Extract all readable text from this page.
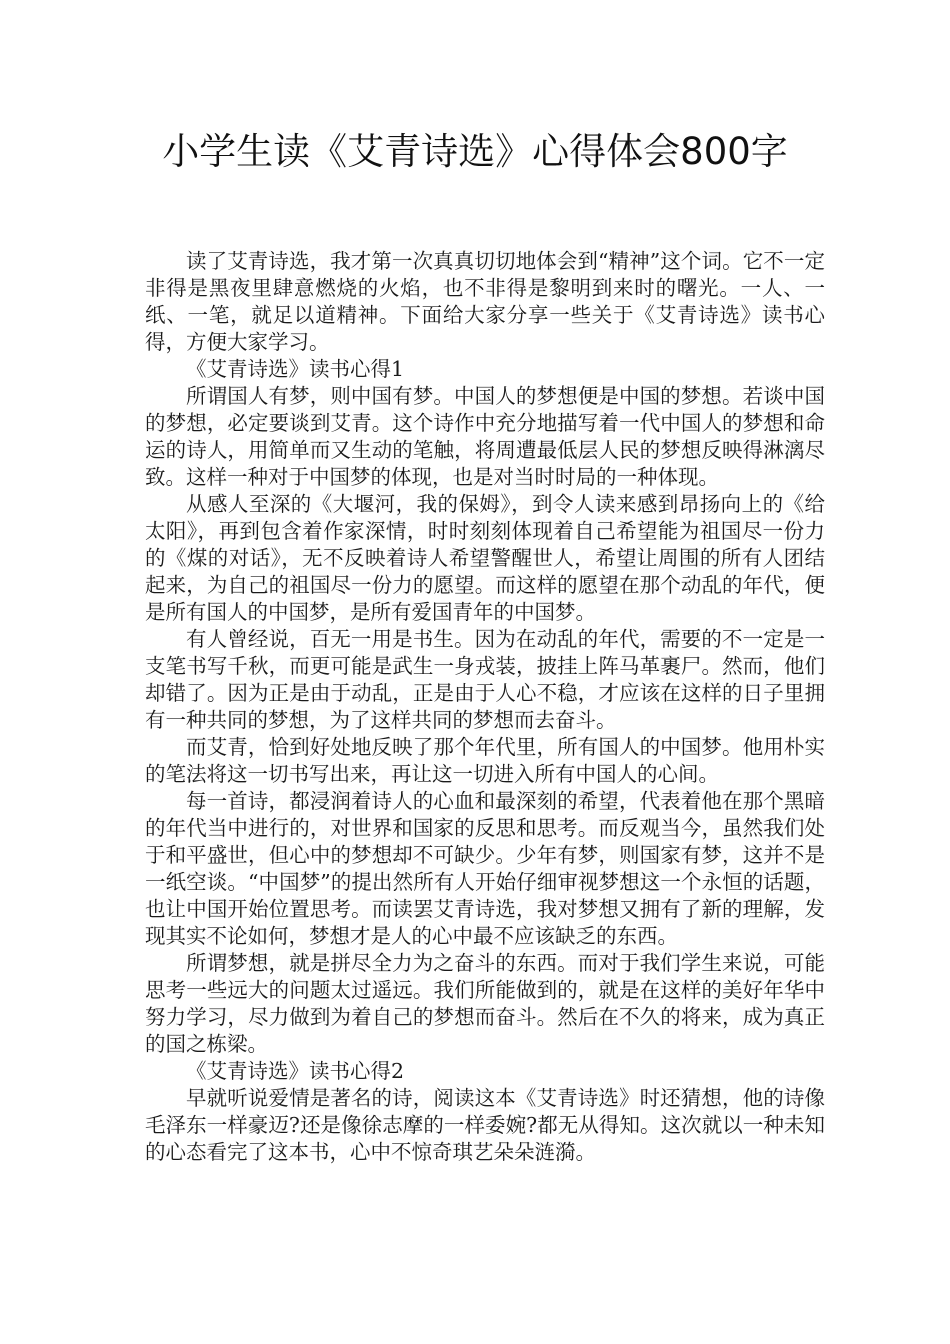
小学生读《艾青诗选》心得体会800字

读了艾青诗选，我才第一次真真切切地体会到“精神”这个词。它不一定非得是黑夜里肆意燃烧的火焰，也不非得是黎明到来时的曙光。一人、一纸、一笔，就足以道精神。下面给大家分享一些关于《艾青诗选》读书心得，方便大家学习。

《艾青诗选》读书心得1

所谓国人有梦，则中国有梦。中国人的梦想便是中国的梦想。若谈中国的梦想，必定要谈到艾青。这个诗作中充分地描写着一代中国人的梦想和命运的诗人，用简单而又生动的笔触，将周遭最低层人民的梦想反映得淋漓尽致。这样一种对于中国梦的体现，也是对当时时局的一种体现。

从感人至深的《大堰河，我的保姆》，到令人读来感到昂扬向上的《给太阳》，再到包含着作家深情，时时刻刻体现着自己希望能为祖国尽一份力的《煤的对话》，无不反映着诗人希望警醒世人，希望让周围的所有人团结起来，为自己的祖国尽一份力的愿望。而这样的愿望在那个动乱的年代，便是所有国人的中国梦，是所有爱国青年的中国梦。

有人曾经说，百无一用是书生。因为在动乱的年代，需要的不一定是一支笔书写千秋，而更可能是武生一身戎装，披挂上阵马革裹尸。然而，他们却错了。因为正是由于动乱，正是由于人心不稳，才应该在这样的日子里拥有一种共同的梦想，为了这样共同的梦想而去奋斗。

而艾青，恰到好处地反映了那个年代里，所有国人的中国梦。他用朴实的笔法将这一切书写出来，再让这一切进入所有中国人的心间。

每一首诗，都浸润着诗人的心血和最深刻的希望，代表着他在那个黑暗的年代当中进行的，对世界和国家的反思和思考。而反观当今，虽然我们处于和平盛世，但心中的梦想却不可缺少。少年有梦，则国家有梦，这并不是一纸空谈。“中国梦”的提出然所有人开始仔细审视梦想这一个永恒的话题，也让中国开始位置思考。而读罢艾青诗选，我对梦想又拥有了新的理解，发现其实不论如何，梦想才是人的心中最不应该缺乏的东西。

所谓梦想，就是拼尽全力为之奋斗的东西。而对于我们学生来说，可能思考一些远大的问题太过遥远。我们所能做到的，就是在这样的美好年华中努力学习，尽力做到为着自己的梦想而奋斗。然后在不久的将来，成为真正的国之栋梁。

《艾青诗选》读书心得2

早就听说爱情是著名的诗，阅读这本《艾青诗选》时还猜想，他的诗像毛泽东一样豪迈?还是像徐志摩的一样委婉?都无从得知。这次就以一种未知的心态看完了这本书，心中不惊奇琪艺朵朵涟漪。
